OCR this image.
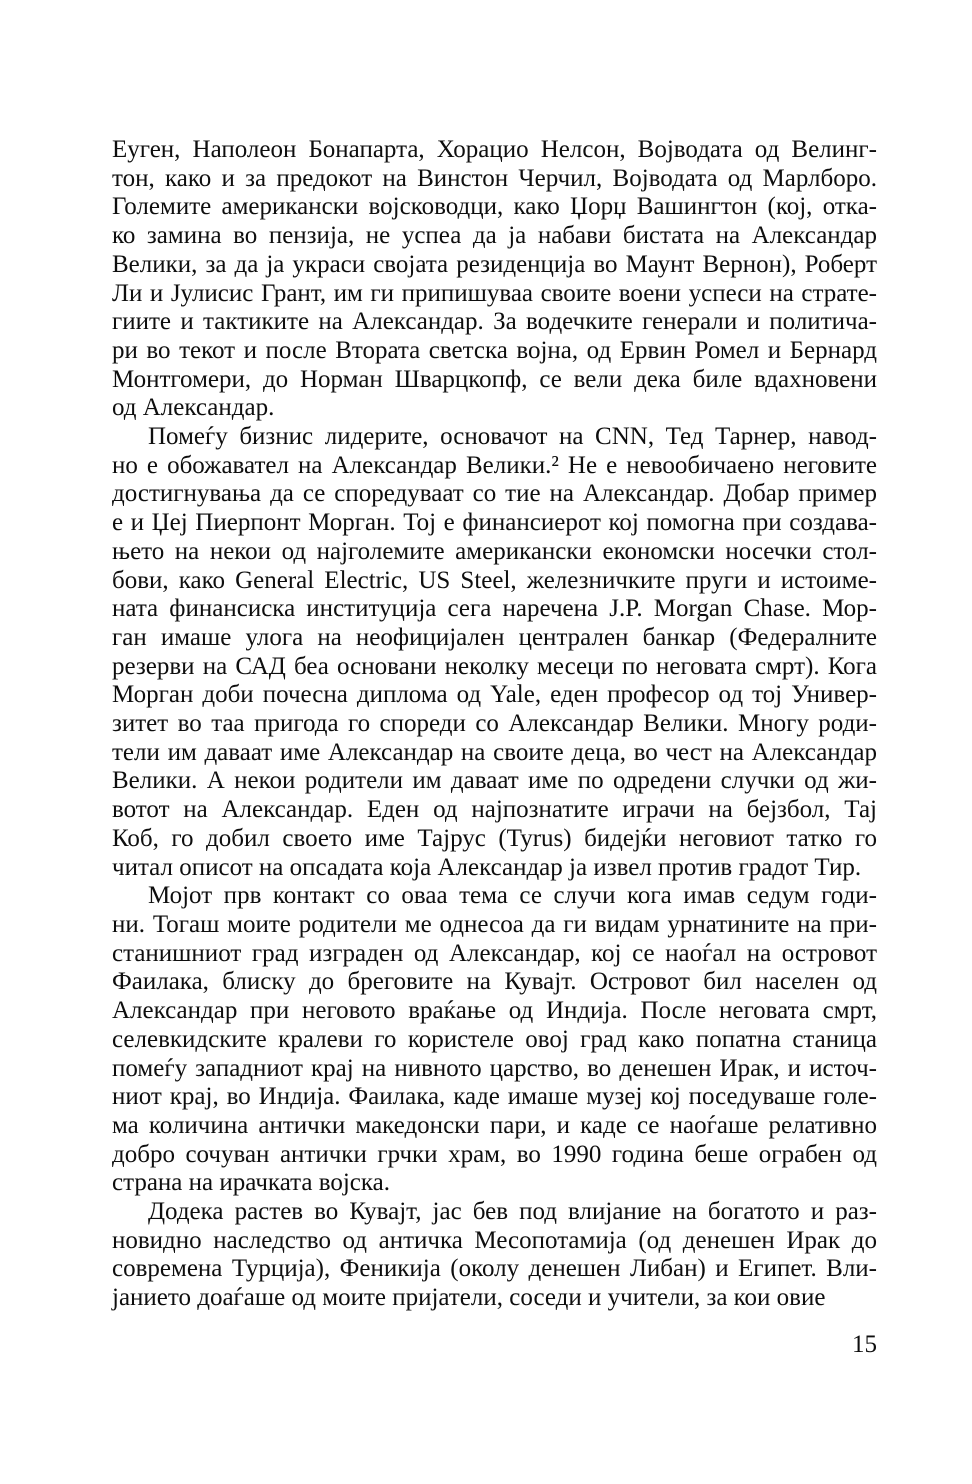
Еуген, Наполеон Бонапарта, Хорацио Нелсон, Војводата од Велинг-
тон, како и за предокот на Винстон Черчил, Војводата од Марлборо.
Големите американски војсководци, како Џорџ Вашингтон (кој, отка-
ко замина во пензија, не успеа да ја набави бистата на Александар
Велики, за да ја украси својата резиденција во Маунт Вернон), Роберт
Ли и Јулисис Грант, им ги припишуваа своите воени успеси на страте-
гиите и тактиките на Александар. За водечките генерали и политича-
ри во текот и после Втората светска војна, од Ервин Ромел и Бернард
Монтгомери, до Норман Шварцкопф, се вели дека биле вдахновени
од Александар.
Помеѓу бизнис лидерите, основачот на CNN, Тед Тарнер, навод-
но е обожавател на Александар Велики.² Не е невообичаено неговите
достигнувања да се споредуваат со тие на Александар. Добар пример
е и Џеј Пиерпонт Морган. Тој е финансиерот кој помогна при создава-
њето на некои од најголемите американски економски носечки стол-
бови, како General Electric, US Steel, железничките пруги и истоиме-
ната финансиска институција сега наречена J.P. Morgan Chase. Мор-
ган имаше улога на неофицијален централен банкар (Федералните
резерви на САД беа основани неколку месеци по неговата смрт). Кога
Морган доби почесна диплома од Yale, еден професор од тој Универ-
зитет во таа пригода го спореди со Александар Велики. Многу роди-
тели им даваат име Александар на своите деца, во чест на Александар
Велики. А некои родители им даваат име по одредени случки од жи-
вотот на Александар. Еден од најпознатите играчи на бејзбол, Тај
Коб, го добил своето име Тајрус (Tyrus) бидејќи неговиот татко го
читал описот на опсадата која Александар ја извел против градот Тир.
Мојот прв контакт со оваа тема се случи кога имав седум годи-
ни. Тогаш моите родители ме однесоа да ги видам урнатините на при-
станишниот град изграден од Александар, кој се наоѓал на островот
Фаилака, блиску до бреговите на Кувајт. Островот бил населен од
Александар при неговото враќање од Индија. После неговата смрт,
селевкидските кралеви го користеле овој град како попатна станица
помеѓу западниот крај на нивното царство, во денешен Ирак, и источ-
ниот крај, во Индија. Фаилака, каде имаше музеј кој поседуваше голе-
ма количина антички македонски пари, и каде се наоѓаше релативно
добро сочуван антички грчки храм, во 1990 година беше ограбен од
страна на ирачката војска.
Додека растев во Кувајт, јас бев под влијание на богатото и раз-
новидно наследство од античка Месопотамија (од денешен Ирак до
современа Турција), Феникија (околу денешен Либан) и Египет. Вли-
јанието доаѓаше од моите пријатели, соседи и учители, за кои овие
15
